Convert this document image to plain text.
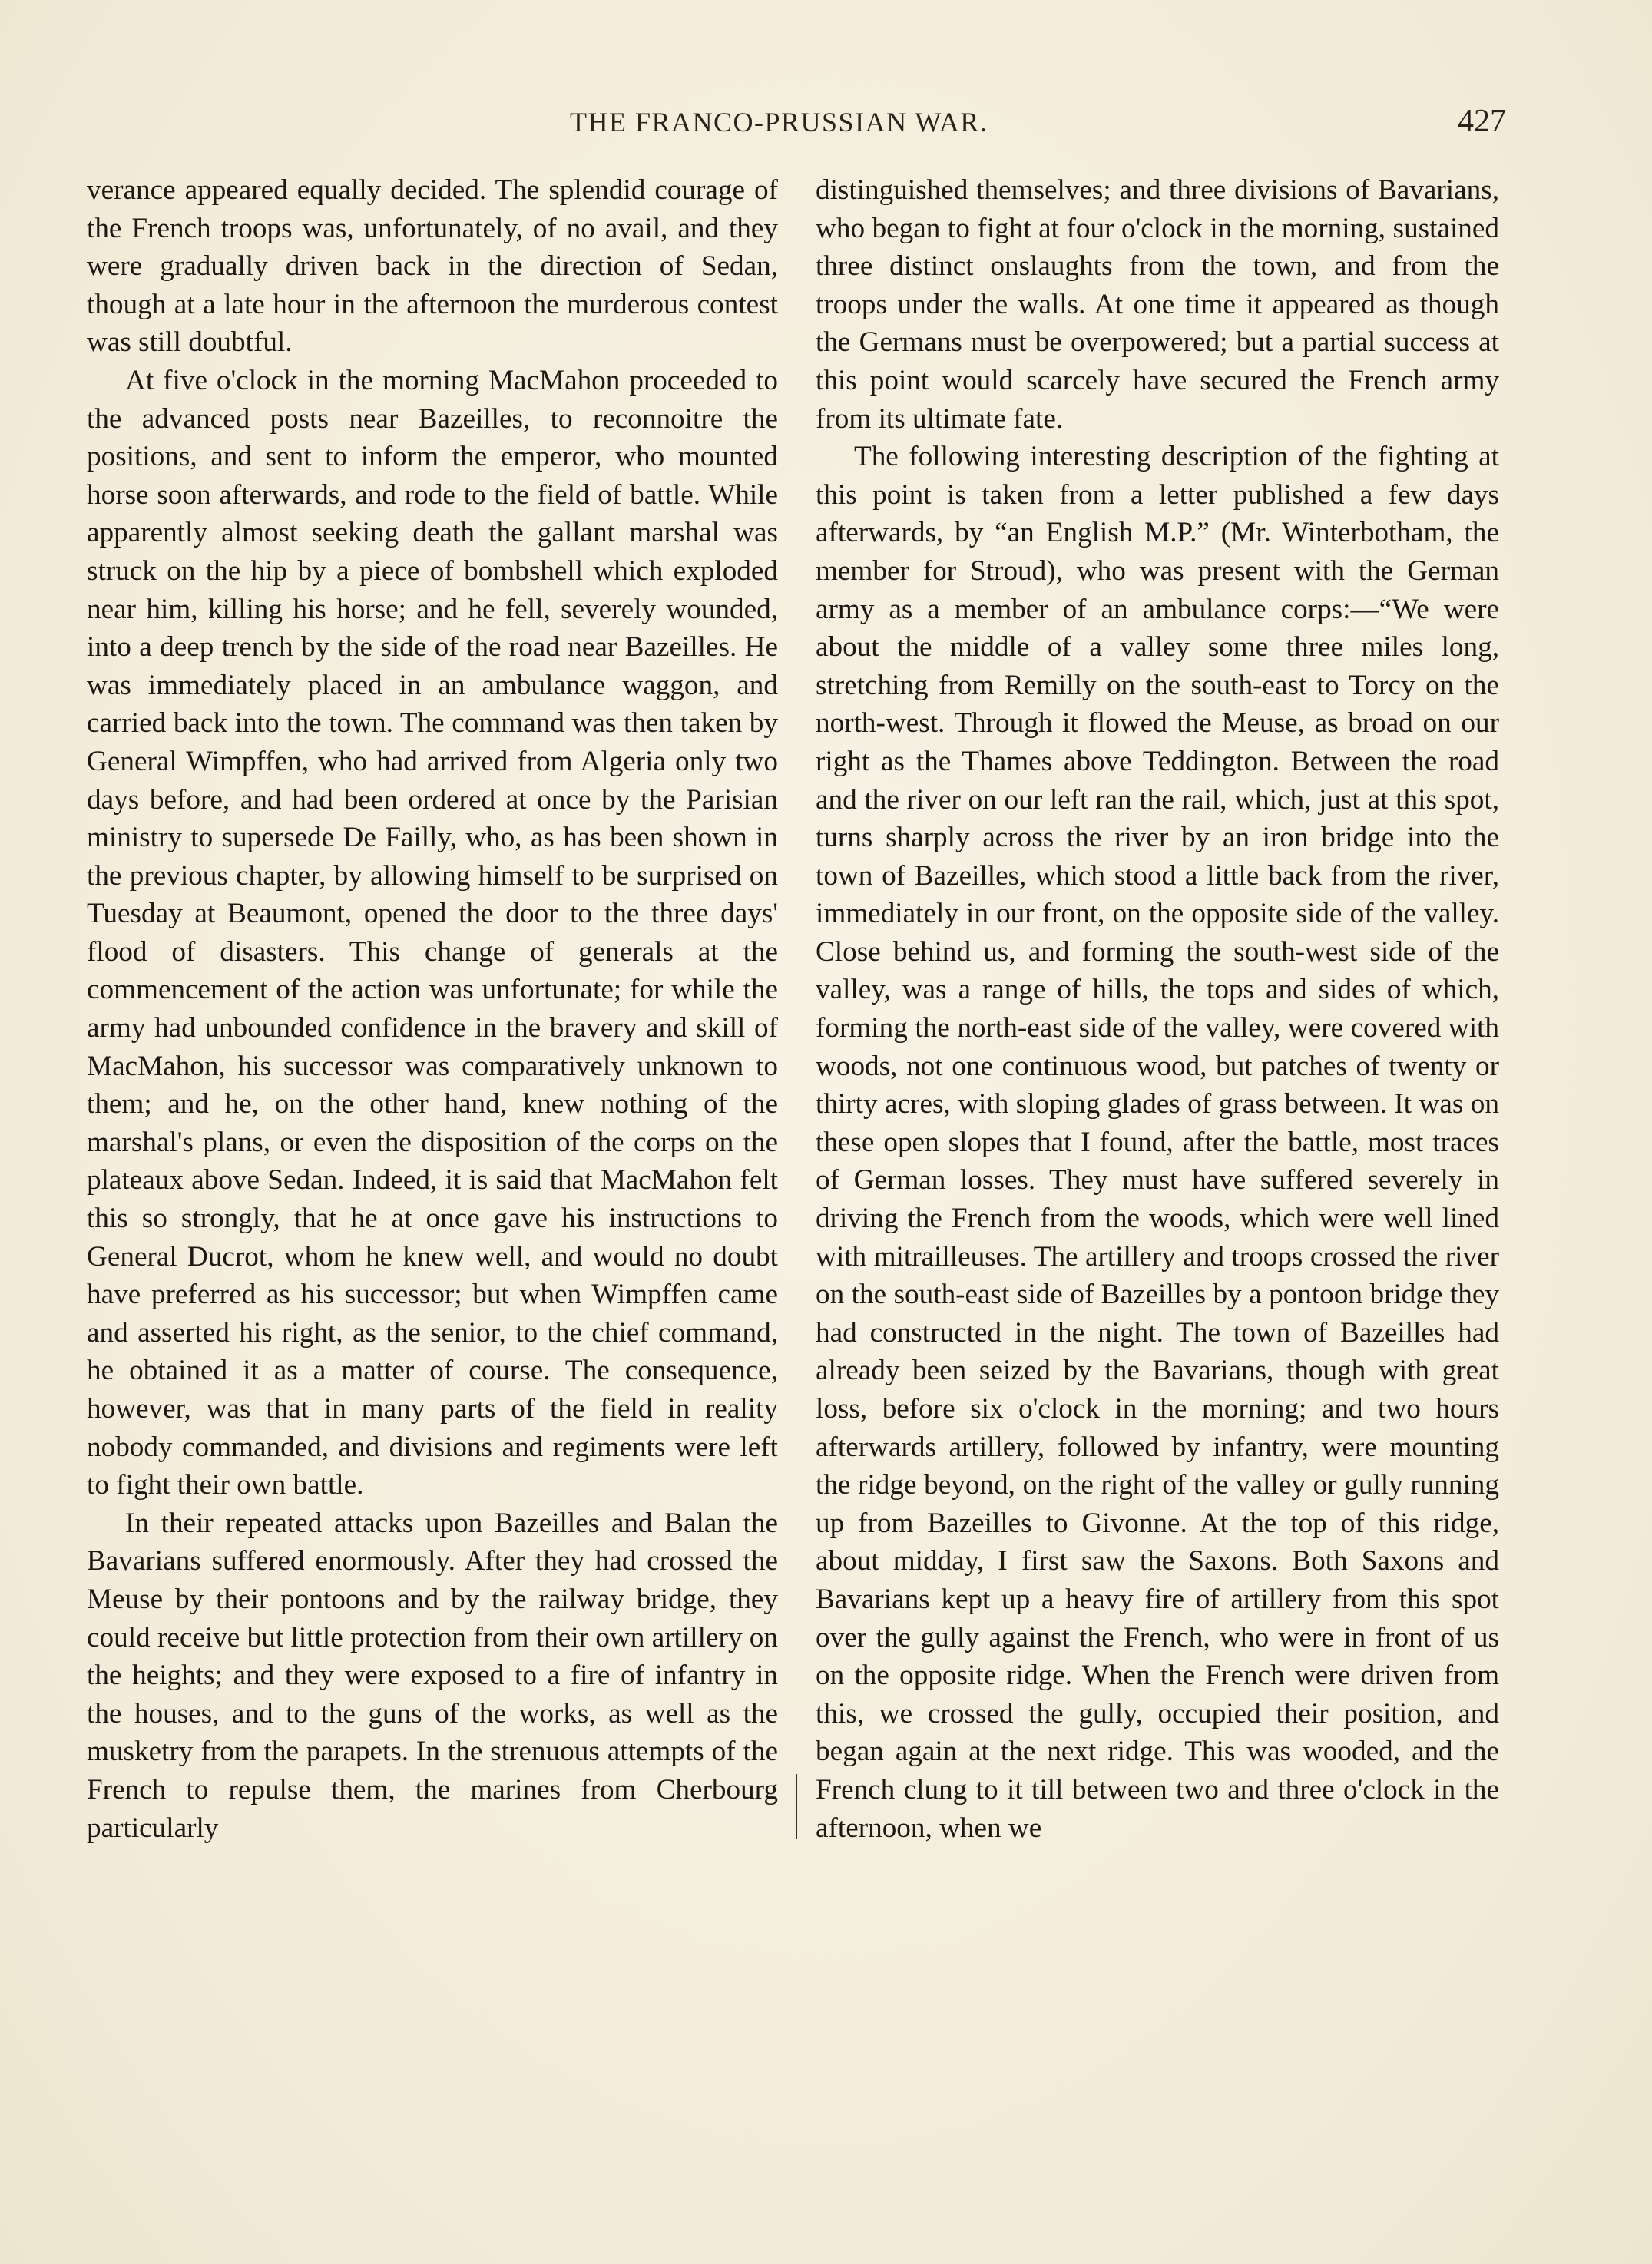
THE FRANCO-PRUSSIAN WAR.	427

verance appeared equally decided. The splendid courage of the French troops was, unfortunately, of no avail, and they were gradually driven back in the direction of Sedan, though at a late hour in the afternoon the murderous contest was still doubtful.

At five o'clock in the morning MacMahon proceeded to the advanced posts near Bazeilles, to reconnoitre the positions, and sent to inform the emperor, who mounted horse soon afterwards, and rode to the field of battle. While apparently almost seeking death the gallant marshal was struck on the hip by a piece of bombshell which exploded near him, killing his horse; and he fell, severely wounded, into a deep trench by the side of the road near Bazeilles. He was immediately placed in an ambulance waggon, and carried back into the town. The command was then taken by General Wimpffen, who had arrived from Algeria only two days before, and had been ordered at once by the Parisian ministry to supersede De Failly, who, as has been shown in the previous chapter, by allowing himself to be surprised on Tuesday at Beaumont, opened the door to the three days' flood of disasters. This change of generals at the commencement of the action was unfortunate; for while the army had unbounded confidence in the bravery and skill of MacMahon, his successor was comparatively unknown to them; and he, on the other hand, knew nothing of the marshal's plans, or even the disposition of the corps on the plateaux above Sedan. Indeed, it is said that MacMahon felt this so strongly, that he at once gave his instructions to General Ducrot, whom he knew well, and would no doubt have preferred as his successor; but when Wimpffen came and asserted his right, as the senior, to the chief command, he obtained it as a matter of course. The consequence, however, was that in many parts of the field in reality nobody commanded, and divisions and regiments were left to fight their own battle.

In their repeated attacks upon Bazeilles and Balan the Bavarians suffered enormously. After they had crossed the Meuse by their pontoons and by the railway bridge, they could receive but little protection from their own artillery on the heights; and they were exposed to a fire of infantry in the houses, and to the guns of the works, as well as the musketry from the parapets. In the strenuous attempts of the French to repulse them, the marines from Cherbourg particularly

distinguished themselves; and three divisions of Bavarians, who began to fight at four o'clock in the morning, sustained three distinct onslaughts from the town, and from the troops under the walls. At one time it appeared as though the Germans must be overpowered; but a partial success at this point would scarcely have secured the French army from its ultimate fate.

The following interesting description of the fighting at this point is taken from a letter published a few days afterwards, by “an English M.P.” (Mr. Winterbotham, the member for Stroud), who was present with the German army as a member of an ambulance corps:—“We were about the middle of a valley some three miles long, stretching from Remilly on the south-east to Torcy on the north-west. Through it flowed the Meuse, as broad on our right as the Thames above Teddington. Between the road and the river on our left ran the rail, which, just at this spot, turns sharply across the river by an iron bridge into the town of Bazeilles, which stood a little back from the river, immediately in our front, on the opposite side of the valley. Close behind us, and forming the south-west side of the valley, was a range of hills, the tops and sides of which, forming the north-east side of the valley, were covered with woods, not one continuous wood, but patches of twenty or thirty acres, with sloping glades of grass between. It was on these open slopes that I found, after the battle, most traces of German losses. They must have suffered severely in driving the French from the woods, which were well lined with mitrailleuses. The artillery and troops crossed the river on the south-east side of Bazeilles by a pontoon bridge they had constructed in the night. The town of Bazeilles had already been seized by the Bavarians, though with great loss, before six o'clock in the morning; and two hours afterwards artillery, followed by infantry, were mounting the ridge beyond, on the right of the valley or gully running up from Bazeilles to Givonne. At the top of this ridge, about midday, I first saw the Saxons. Both Saxons and Bavarians kept up a heavy fire of artillery from this spot over the gully against the French, who were in front of us on the opposite ridge. When the French were driven from this, we crossed the gully, occupied their position, and began again at the next ridge. This was wooded, and the French clung to it till between two and three o'clock in the afternoon, when we
